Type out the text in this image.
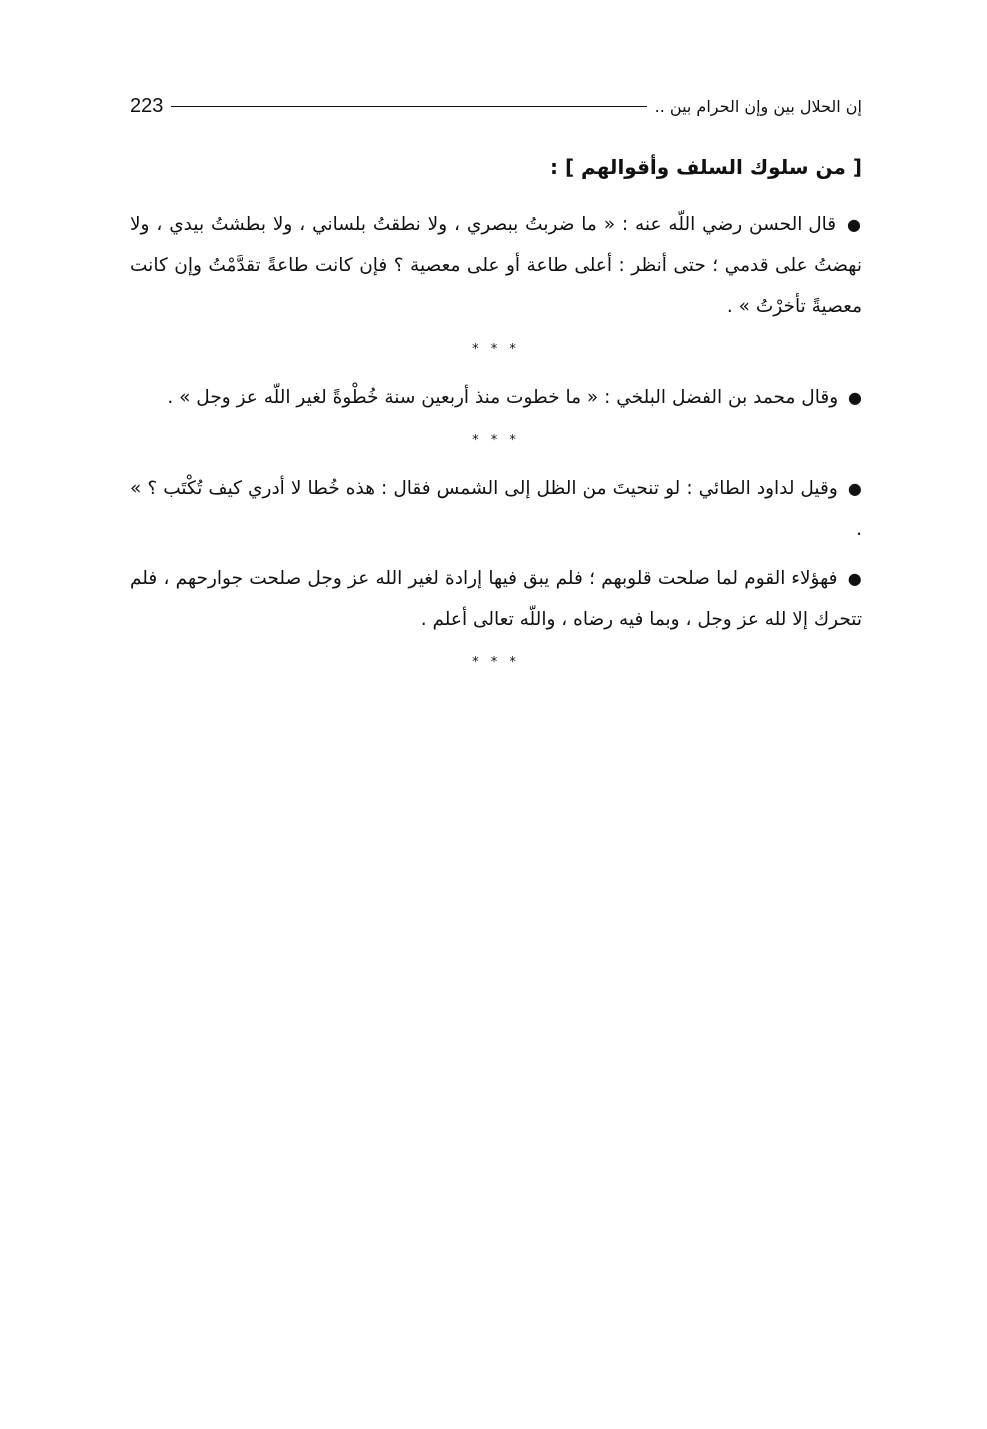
إن الحلال بين وإن الحرام بين ..
223
[ من سلوك السلف وأقوالهم ] :

● قال الحسن رضي اللّه عنه : « ما ضربتُ ببصري ، ولا نطقتُ بلساني ، ولا بطشتُ بيدي ، ولا نهضتُ على قدمي ؛ حتى أنظر : أعلى طاعة أو على معصية ؟ فإن كانت طاعةً تقدَّمْتُ وإن كانت معصيةً تأخرْتُ » .

* * *

● وقال محمد بن الفضل البلخي : « ما خطوت منذ أربعين سنة خُطْوةً لغير اللّه عز وجل » .

* * *

● وقيل لداود الطائي : لو تنحيتَ من الظل إلى الشمس فقال : هذه خُطا لا أدري كيف تُكْتَب ؟ » .

● فهؤلاء القوم لما صلحت قلوبهم ؛ فلم يبق فيها إرادة لغير الله عز وجل صلحت جوارحهم ، فلم تتحرك إلا لله عز وجل ، وبما فيه رضاه ، واللّه تعالى أعلم .

* * *
